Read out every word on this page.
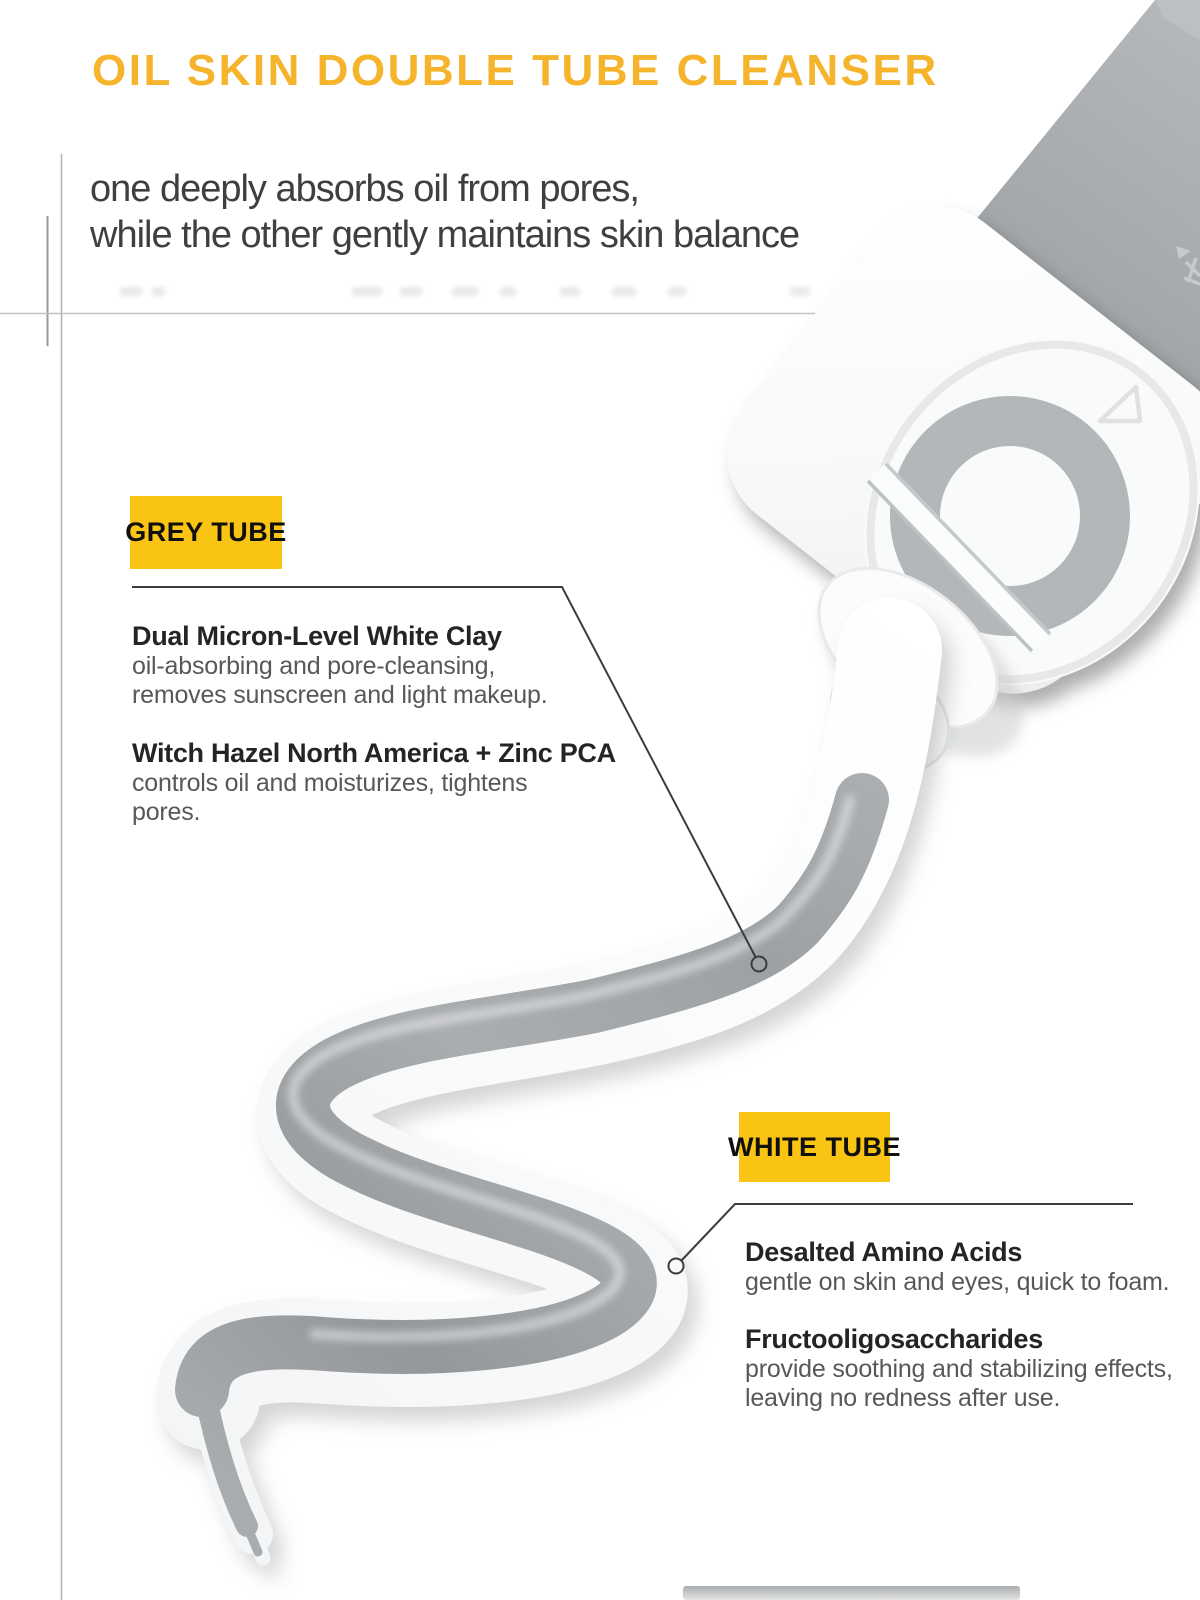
OIL SKIN DOUBLE TUBE CLEANSER
one deeply absorbs oil from pores,
while the other gently maintains skin balance
GREY TUBE
Dual Micron-Level White Clay
oil-absorbing and pore-cleansing,
removes sunscreen and light makeup.
Witch Hazel North America + Zinc PCA
controls oil and moisturizes, tightens
pores.
WHITE TUBE
Desalted Amino Acids
gentle on skin and eyes, quick to foam.
Fructooligosaccharides
provide soothing and stabilizing effects,
leaving no redness after use.
